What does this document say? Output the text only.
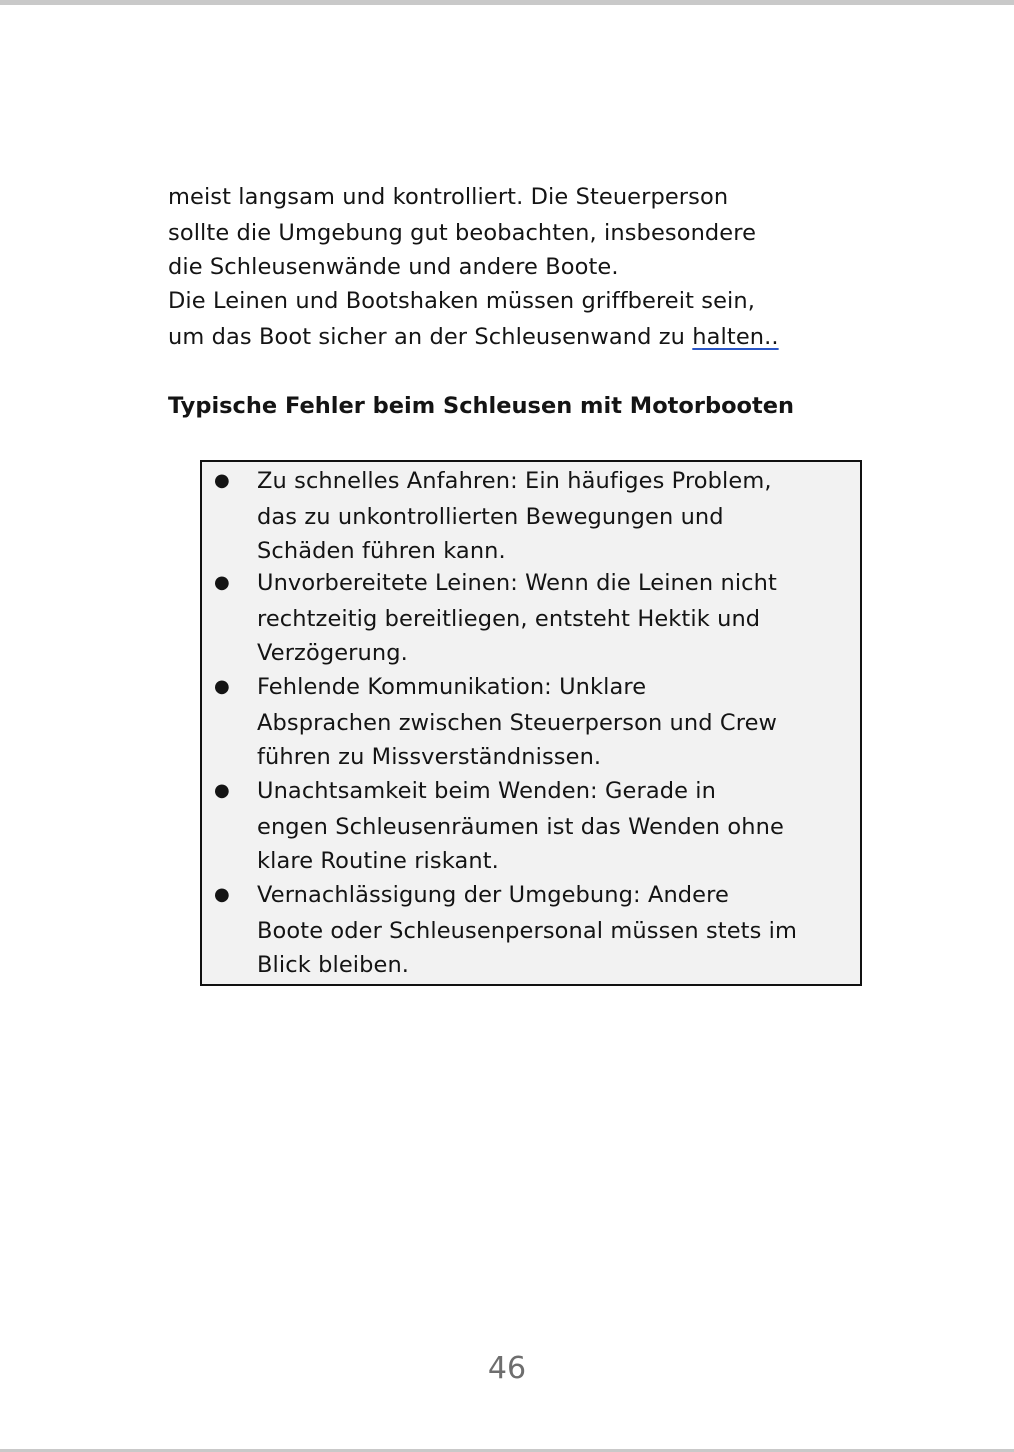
meist langsam und kontrolliert. Die Steuerperson
sollte die Umgebung gut beobachten, insbesondere
die Schleusenwände und andere Boote.
Die Leinen und Bootshaken müssen griffbereit sein,
um das Boot sicher an der Schleusenwand zu halten..
Typische Fehler beim Schleusen mit Motorbooten
● Zu schnelles Anfahren: Ein häufiges Problem,
das zu unkontrollierten Bewegungen und
Schäden führen kann.
● Unvorbereitete Leinen: Wenn die Leinen nicht
rechtzeitig bereitliegen, entsteht Hektik und
Verzögerung.
● Fehlende Kommunikation: Unklare
Absprachen zwischen Steuerperson und Crew
führen zu Missverständnissen.
● Unachtsamkeit beim Wenden: Gerade in
engen Schleusenräumen ist das Wenden ohne
klare Routine riskant.
● Vernachlässigung der Umgebung: Andere
Boote oder Schleusenpersonal müssen stets im
Blick bleiben.
46
